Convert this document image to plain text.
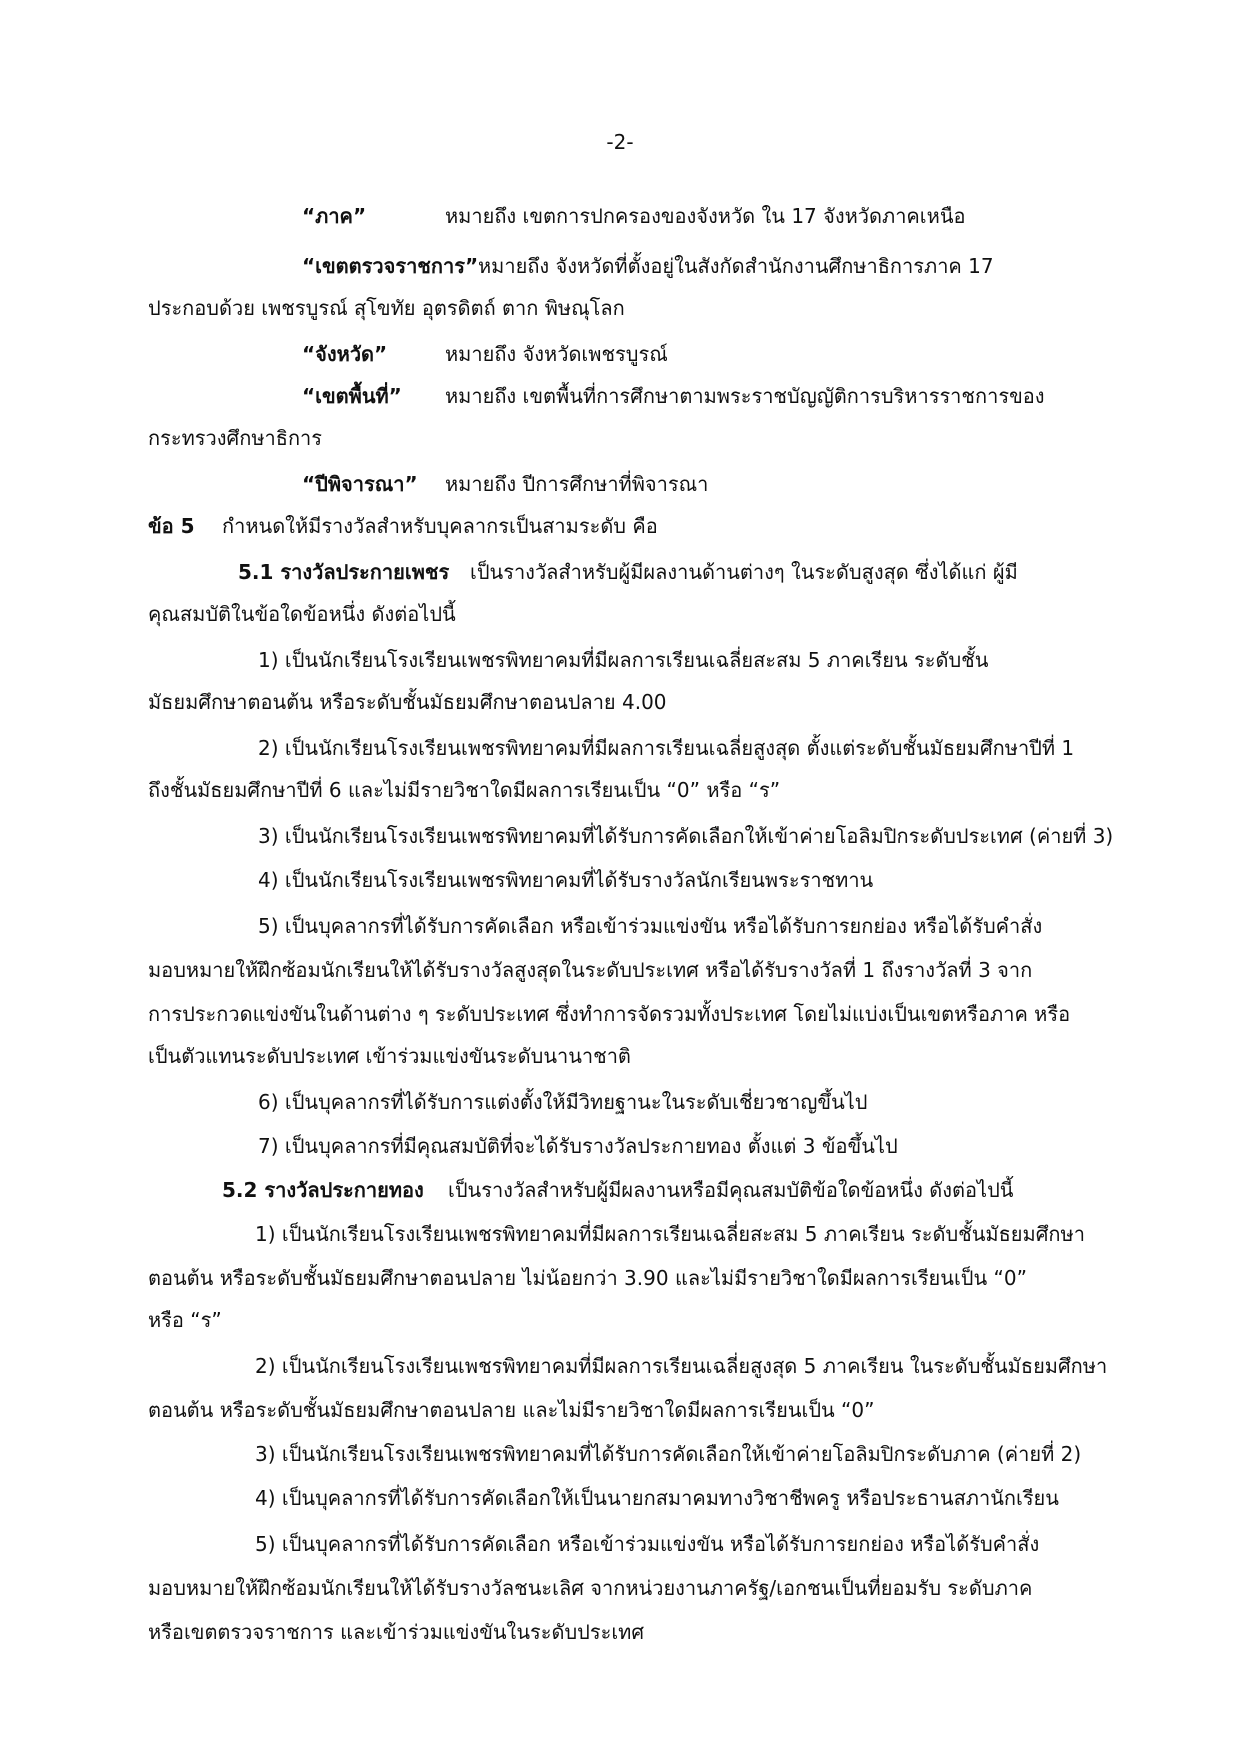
-2-
“ภาค”	หมายถึง เขตการปกครองของจังหวัด ใน 17 จังหวัดภาคเหนือ
“เขตตรวจราชการ” หมายถึง จังหวัดที่ตั้งอยู่ในสังกัดสำนักงานศึกษาธิการภาค 17
ประกอบด้วย เพชรบูรณ์ สุโขทัย อุตรดิตถ์ ตาก พิษณุโลก
“จังหวัด”	หมายถึง จังหวัดเพชรบูรณ์
“เขตพื้นที่” หมายถึง เขตพื้นที่การศึกษาตามพระราชบัญญัติการบริหารราชการของ
กระทรวงศึกษาธิการ
“ปีพิจารณา” หมายถึง ปีการศึกษาที่พิจารณา
ข้อ 5 กำหนดให้มีรางวัลสำหรับบุคลากรเป็นสามระดับ คือ
5.1 รางวัลประกายเพชร เป็นรางวัลสำหรับผู้มีผลงานด้านต่างๆ ในระดับสูงสุด ซึ่งได้แก่ ผู้มี
คุณสมบัติในข้อใดข้อหนึ่ง ดังต่อไปนี้
1) เป็นนักเรียนโรงเรียนเพชรพิทยาคมที่มีผลการเรียนเฉลี่ยสะสม 5 ภาคเรียน ระดับชั้น
มัธยมศึกษาตอนต้น หรือระดับชั้นมัธยมศึกษาตอนปลาย 4.00
2) เป็นนักเรียนโรงเรียนเพชรพิทยาคมที่มีผลการเรียนเฉลี่ยสูงสุด ตั้งแต่ระดับชั้นมัธยมศึกษาปีที่ 1
ถึงชั้นมัธยมศึกษาปีที่ 6 และไม่มีรายวิชาใดมีผลการเรียนเป็น “0” หรือ “ร”
3) เป็นนักเรียนโรงเรียนเพชรพิทยาคมที่ได้รับการคัดเลือกให้เข้าค่ายโอลิมปิกระดับประเทศ (ค่ายที่ 3)
4) เป็นนักเรียนโรงเรียนเพชรพิทยาคมที่ได้รับรางวัลนักเรียนพระราชทาน
5) เป็นบุคลากรที่ได้รับการคัดเลือก หรือเข้าร่วมแข่งขัน หรือได้รับการยกย่อง หรือได้รับคำสั่ง
มอบหมายให้ฝึกซ้อมนักเรียนให้ได้รับรางวัลสูงสุดในระดับประเทศ หรือได้รับรางวัลที่ 1 ถึงรางวัลที่ 3 จาก
การประกวดแข่งขันในด้านต่าง ๆ ระดับประเทศ ซึ่งทำการจัดรวมทั้งประเทศ โดยไม่แบ่งเป็นเขตหรือภาค หรือ
เป็นตัวแทนระดับประเทศ เข้าร่วมแข่งขันระดับนานาชาติ
6) เป็นบุคลากรที่ได้รับการแต่งตั้งให้มีวิทยฐานะในระดับเชี่ยวชาญขึ้นไป
7) เป็นบุคลากรที่มีคุณสมบัติที่จะได้รับรางวัลประกายทอง ตั้งแต่ 3 ข้อขึ้นไป
5.2 รางวัลประกายทอง เป็นรางวัลสำหรับผู้มีผลงานหรือมีคุณสมบัติข้อใดข้อหนึ่ง ดังต่อไปนี้
1) เป็นนักเรียนโรงเรียนเพชรพิทยาคมที่มีผลการเรียนเฉลี่ยสะสม 5 ภาคเรียน ระดับชั้นมัธยมศึกษา
ตอนต้น หรือระดับชั้นมัธยมศึกษาตอนปลาย ไม่น้อยกว่า 3.90 และไม่มีรายวิชาใดมีผลการเรียนเป็น “0”
หรือ “ร”
2) เป็นนักเรียนโรงเรียนเพชรพิทยาคมที่มีผลการเรียนเฉลี่ยสูงสุด 5 ภาคเรียน ในระดับชั้นมัธยมศึกษา
ตอนต้น หรือระดับชั้นมัธยมศึกษาตอนปลาย และไม่มีรายวิชาใดมีผลการเรียนเป็น “0”
3) เป็นนักเรียนโรงเรียนเพชรพิทยาคมที่ได้รับการคัดเลือกให้เข้าค่ายโอลิมปิกระดับภาค (ค่ายที่ 2)
4) เป็นบุคลากรที่ได้รับการคัดเลือกให้เป็นนายกสมาคมทางวิชาชีพครู หรือประธานสภานักเรียน
5) เป็นบุคลากรที่ได้รับการคัดเลือก หรือเข้าร่วมแข่งขัน หรือได้รับการยกย่อง หรือได้รับคำสั่ง
มอบหมายให้ฝึกซ้อมนักเรียนให้ได้รับรางวัลชนะเลิศ จากหน่วยงานภาครัฐ/เอกชนเป็นที่ยอมรับ ระดับภาค
หรือเขตตรวจราชการ และเข้าร่วมแข่งขันในระดับประเทศ
